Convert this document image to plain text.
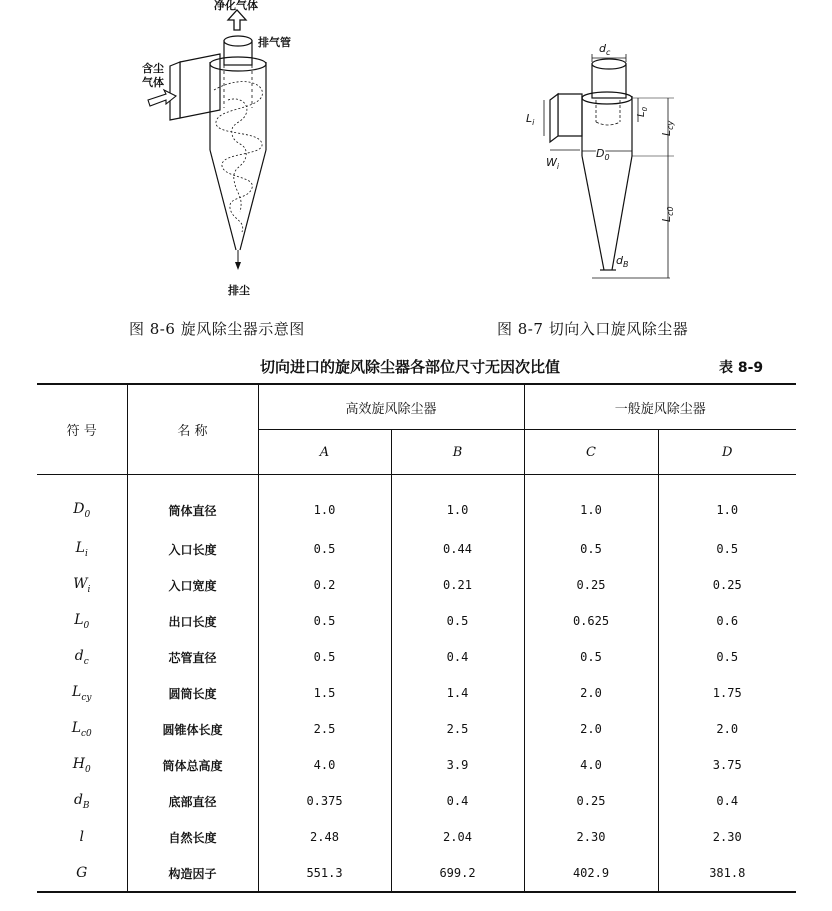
净化气体
排气管
含尘
气体
排尘
图 8-6 旋风除尘器示意图
$d_c$
$L_i$
$W_i$
$D_0$
$L_0$
$L_{cy}$
$L_{c0}$
$d_B$
图 8-7 切向入口旋风除尘器
切向进口的旋风除尘器各部位尺寸无因次比值	表 8-9
符 号	名 称	高效旋风除尘器		一般旋风除尘器	
		A	B	C	D
$D_0$	筒体直径	1.0	1.0	1.0	1.0
$L_i$	入口长度	0.5	0.44	0.5	0.5
$W_i$	入口宽度	0.2	0.21	0.25	0.25
$L_0$	出口长度	0.5	0.5	0.625	0.6
$d_c$	芯管直径	0.5	0.4	0.5	0.5
$L_{cy}$	圆筒长度	1.5	1.4	2.0	1.75
$L_{c0}$	圆锥体长度	2.5	2.5	2.0	2.0
$H_0$	筒体总高度	4.0	3.9	4.0	3.75
$d_B$	底部直径	0.375	0.4	0.25	0.4
l	自然长度	2.48	2.04	2.30	2.30
G	构造因子	551.3	699.2	402.9	381.8
